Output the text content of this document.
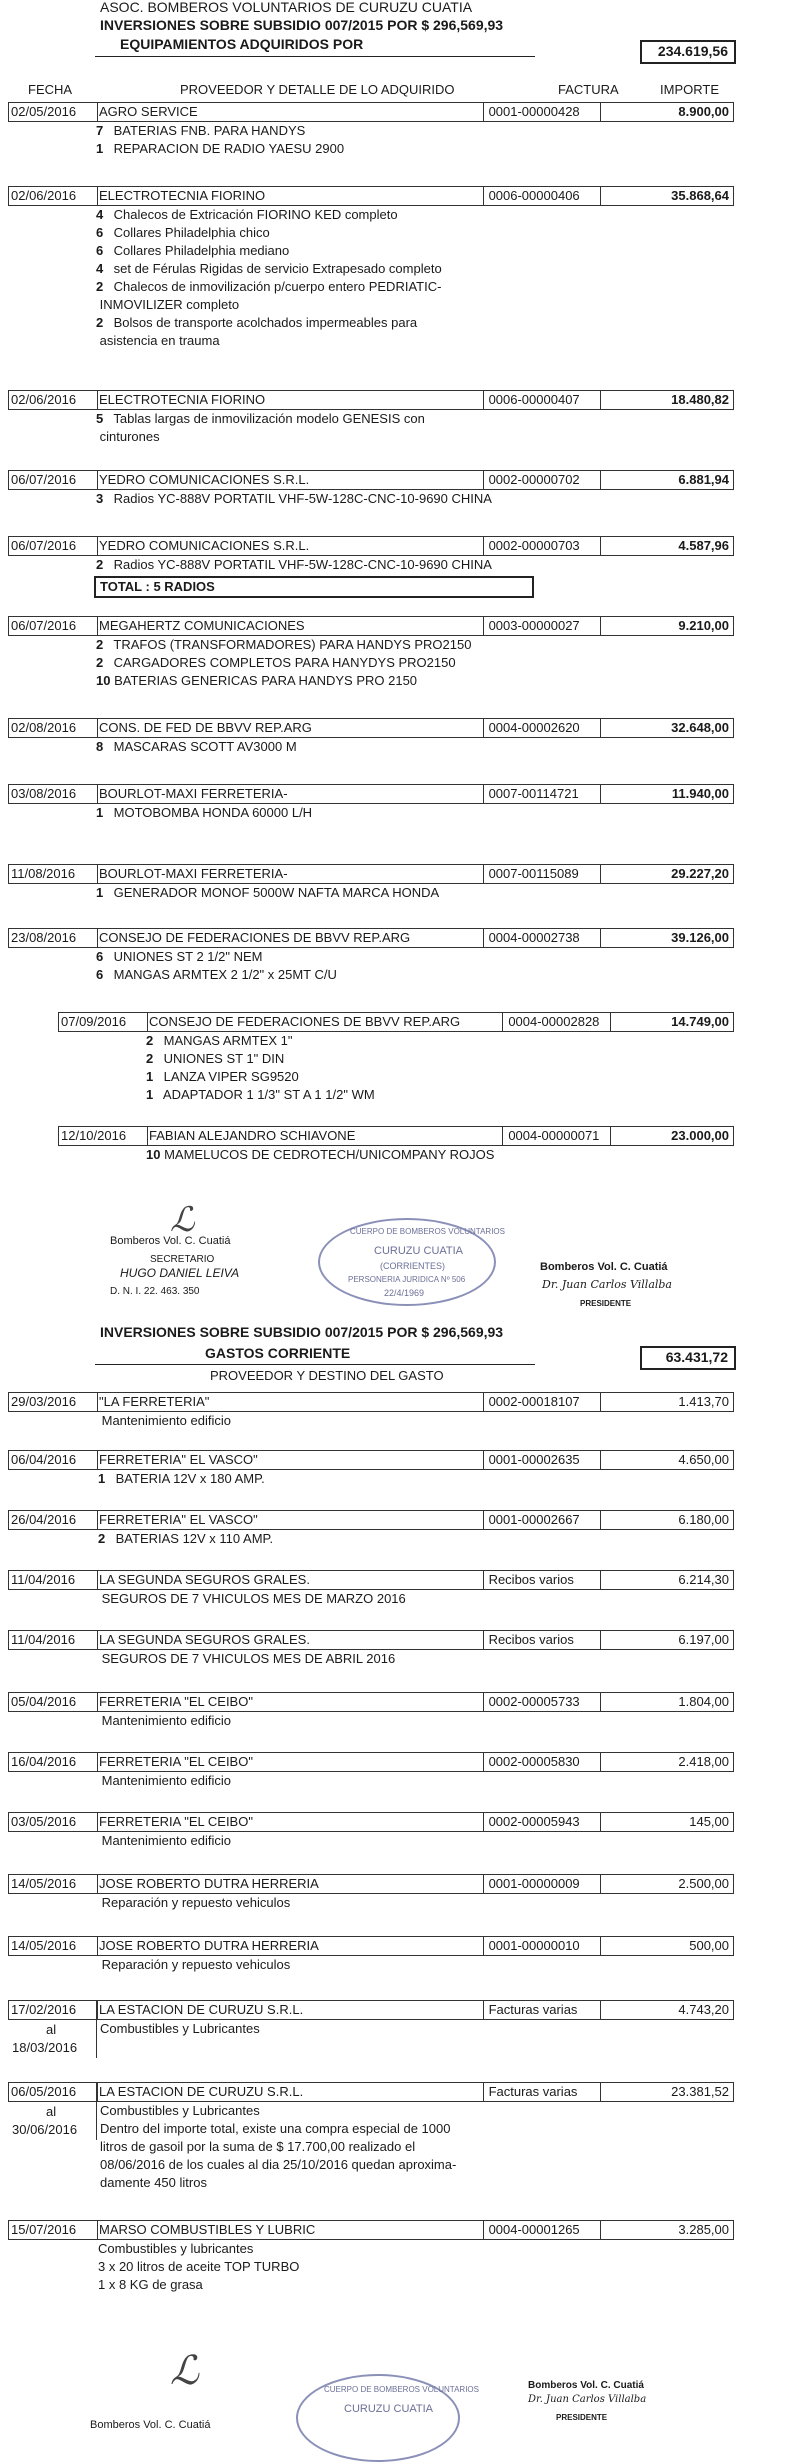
ASOC. BOMBEROS VOLUNTARIOS DE CURUZU CUATIA
INVERSIONES SOBRE SUBSIDIO 007/2015 POR $ 296,569,93
EQUIPAMIENTOS ADQUIRIDOS POR	234.619,56
FECHA	PROVEEDOR Y DETALLE DE LO ADQUIRIDO	FACTURA	IMPORTE
02/05/2016 AGRO SERVICE	0001-00000428	8.900,00
7 BATERIAS FNB. PARA HANDYS
1 REPARACION DE RADIO YAESU 2900
02/06/2016 ELECTROTECNIA FIORINO	0006-00000406	35.868,64
4 Chalecos de Extricación FIORINO KED completo
6 Collares Philadelphia chico
6 Collares Philadelphia mediano
4 set de Férulas Rigidas de servicio Extrapesado completo
2 Chalecos de inmovilización p/cuerpo entero PEDRIATIC-
INMOVILIZER completo
2 Bolsos de transporte acolchados impermeables para
asistencia en trauma
02/06/2016 ELECTROTECNIA FIORINO	0006-00000407	18.480,82
5 Tablas largas de inmovilización modelo GENESIS con
cinturones
06/07/2016 YEDRO COMUNICACIONES S.R.L.	0002-00000702	6.881,94
3 Radios YC-888V PORTATIL VHF-5W-128C-CNC-10-9690 CHINA
06/07/2016 YEDRO COMUNICACIONES S.R.L.	0002-00000703	4.587,96
2 Radios YC-888V PORTATIL VHF-5W-128C-CNC-10-9690 CHINA
TOTAL : 5 RADIOS
06/07/2016 MEGAHERTZ COMUNICACIONES	0003-00000027	9.210,00
2 TRAFOS (TRANSFORMADORES) PARA HANDYS PRO2150
2 CARGADORES COMPLETOS PARA HANYDYS PRO2150
10 BATERIAS GENERICAS PARA HANDYS PRO 2150
02/08/2016 CONS. DE FED DE BBVV REP.ARG	0004-00002620	32.648,00
8 MASCARAS SCOTT AV3000 M
03/08/2016 BOURLOT-MAXI FERRETERIA-	0007-00114721	11.940,00
1 MOTOBOMBA HONDA 60000 L/H
11/08/2016 BOURLOT-MAXI FERRETERIA-	0007-00115089	29.227,20
1 GENERADOR MONOF 5000W NAFTA MARCA HONDA
23/08/2016 CONSEJO DE FEDERACIONES DE BBVV REP.ARG	0004-00002738	39.126,00
6 UNIONES ST 2 1/2" NEM
6 MANGAS ARMTEX 2 1/2" x 25MT C/U
07/09/2016 CONSEJO DE FEDERACIONES DE BBVV REP.ARG	0004-00002828	14.749,00
2 MANGAS ARMTEX 1"
2 UNIONES ST 1" DIN
1 LANZA VIPER SG9520
1 ADAPTADOR 1 1/3" ST A 1 1/2" WM
12/10/2016 FABIAN ALEJANDRO SCHIAVONE	0004-00000071	23.000,00
10 MAMELUCOS DE CEDROTECH/UNICOMPANY ROJOS
29/03/2016 "LA FERRETERIA"	0002-00018107	1.413,70
Mantenimiento edificio
06/04/2016 FERRETERIA" EL VASCO"	0001-00002635	4.650,00
1 BATERIA 12V x 180 AMP.
26/04/2016 FERRETERIA" EL VASCO"	0001-00002667	6.180,00
2 BATERIAS 12V x 110 AMP.
11/04/2016 LA SEGUNDA SEGUROS GRALES.	Recibos varios	6.214,30
SEGUROS DE 7 VHICULOS MES DE MARZO 2016
11/04/2016 LA SEGUNDA SEGUROS GRALES.	Recibos varios	6.197,00
SEGUROS DE 7 VHICULOS MES DE ABRIL 2016
05/04/2016 FERRETERIA "EL CEIBO"	0002-00005733	1.804,00
Mantenimiento edificio
16/04/2016 FERRETERIA "EL CEIBO"	0002-00005830	2.418,00
Mantenimiento edificio
03/05/2016 FERRETERIA "EL CEIBO"	0002-00005943	145,00
Mantenimiento edificio
14/05/2016 JOSE ROBERTO DUTRA HERRERIA	0001-00000009	2.500,00
Reparación y repuesto vehiculos
14/05/2016 JOSE ROBERTO DUTRA HERRERIA	0001-00000010	500,00
Reparación y repuesto vehiculos
17/02/2016 LA ESTACION DE CURUZU S.R.L.	Facturas varias	4.743,20
al
18/03/2016
Combustibles y Lubricantes
06/05/2016 LA ESTACION DE CURUZU S.R.L.	Facturas varias	23.381,52
al
30/06/2016
Combustibles y Lubricantes
Dentro del importe total, existe una compra especial de 1000
litros de gasoil por la suma de $ 17.700,00 realizado el
08/06/2016 de los cuales al dia 25/10/2016 quedan aproxima-
damente 450 litros
15/07/2016 MARSO COMBUSTIBLES Y LUBRIC	0004-00001265	3.285,00
Combustibles y lubricantes
3 x 20 litros de aceite TOP TURBO
1 x 8 KG de grasa
Bomberos Vol. C. Cuatiá
ℒ
SECRETARIO
HUGO DANIEL LEIVA
D. N. I. 22. 463. 350
CUERPO DE BOMBEROS VOLUNTARIOS
CURUZU CUATIA
(CORRIENTES)
PERSONERIA JURIDICA Nº 506
22/4/1969
Bomberos Vol. C. Cuatiá
Dr. Juan Carlos Villalba
PRESIDENTE
INVERSIONES SOBRE SUBSIDIO 007/2015 POR $ 296,569,93
GASTOS CORRIENTE	63.431,72
PROVEEDOR Y DESTINO DEL GASTO
ℒ
Bomberos Vol. C. Cuatiá
CUERPO DE BOMBEROS VOLUNTARIOS
CURUZU CUATIA
Bomberos Vol. C. Cuatiá
Dr. Juan Carlos Villalba
PRESIDENTE
